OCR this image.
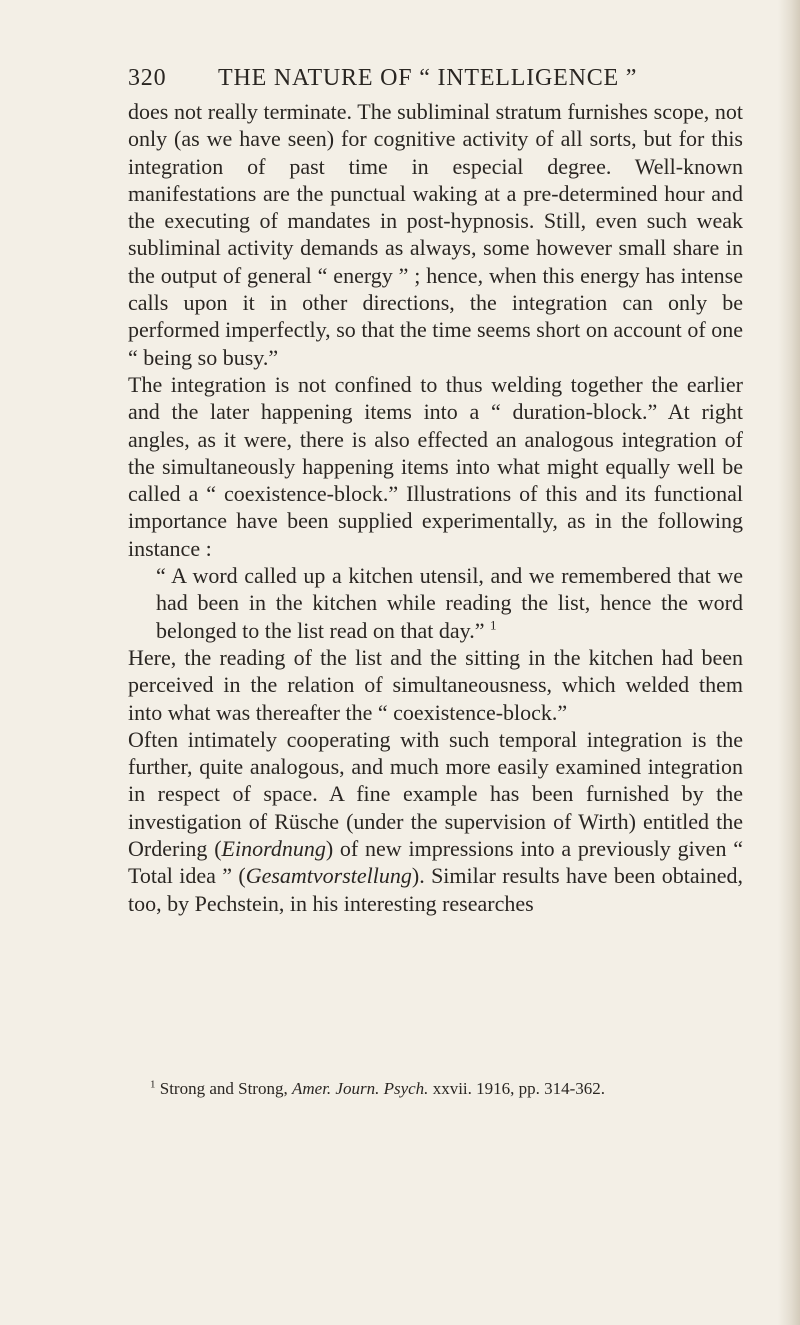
320 THE NATURE OF “ INTELLIGENCE ”

does not really terminate. The subliminal stratum furnishes scope, not only (as we have seen) for cognitive activity of all sorts, but for this integration of past time in especial degree. Well-known manifestations are the punctual waking at a pre-determined hour and the executing of mandates in post-hypnosis. Still, even such weak subliminal activity demands as always, some however small share in the output of general “ energy ” ; hence, when this energy has intense calls upon it in other directions, the integration can only be performed imperfectly, so that the time seems short on account of one “ being so busy.”

The integration is not confined to thus welding together the earlier and the later happening items into a “ duration-block.” At right angles, as it were, there is also effected an analogous integration of the simultaneously happening items into what might equally well be called a “ coexistence-block.” Illustrations of this and its functional importance have been supplied experimentally, as in the following instance :

“ A word called up a kitchen utensil, and we remembered that we had been in the kitchen while reading the list, hence the word belonged to the list read on that day.” $^1$

Here, the reading of the list and the sitting in the kitchen had been perceived in the relation of simultaneousness, which welded them into what was thereafter the “ coexistence-block.”

Often intimately cooperating with such temporal integration is the further, quite analogous, and much more easily examined integration in respect of space. A fine example has been furnished by the investigation of Rüsche (under the supervision of Wirth) entitled the Ordering (Einordnung) of new impressions into a previously given “ Total idea ” (Gesamtvorstellung). Similar results have been obtained, too, by Pechstein, in his interesting researches

$^1$ Strong and Strong, Amer. Journ. Psych. xxvii. 1916, pp. 314-362.
